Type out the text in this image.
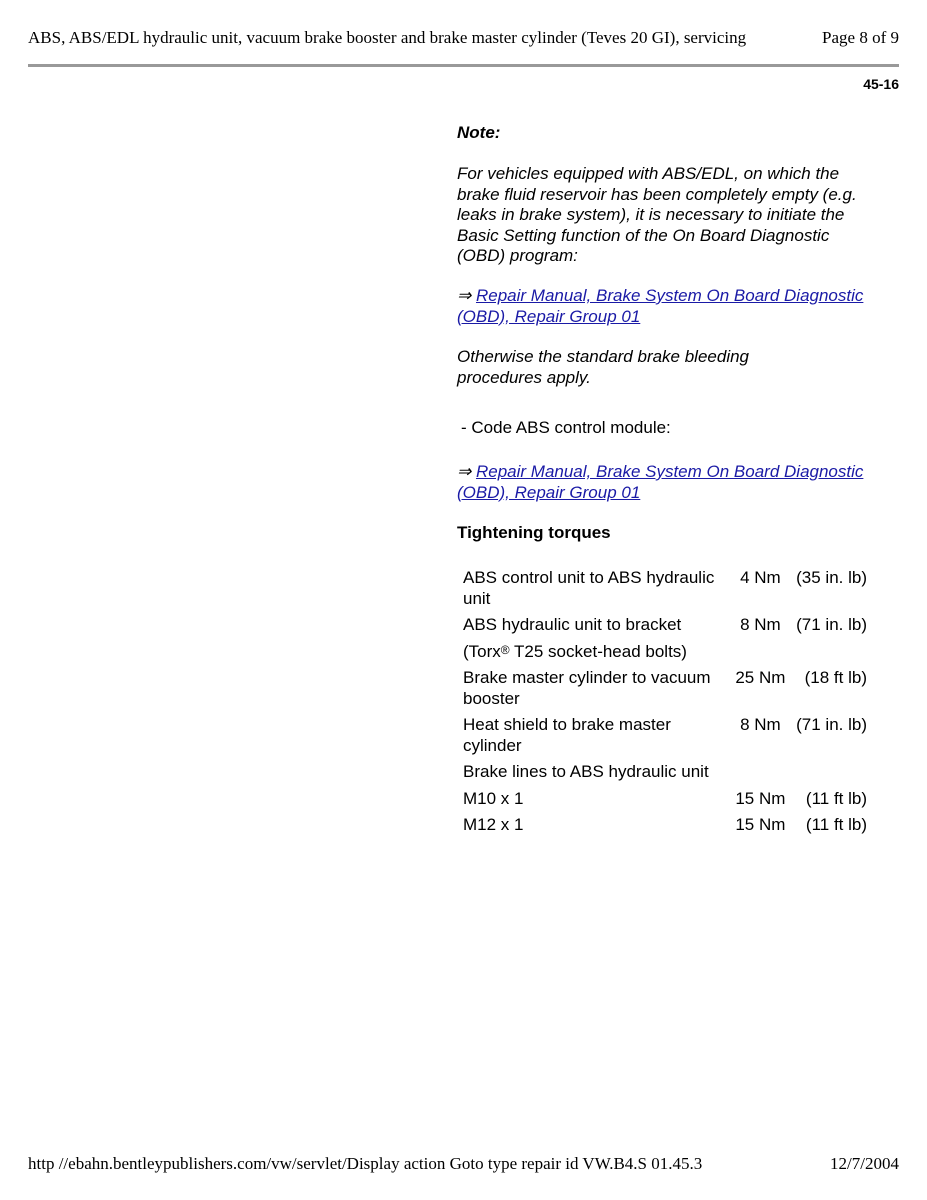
ABS, ABS/EDL hydraulic unit, vacuum brake booster and brake master cylinder (Teves 20 GI), servicing	Page 8 of 9
45-16
Note:
For vehicles equipped with ABS/EDL, on which the brake fluid reservoir has been completely empty (e.g. leaks in brake system), it is necessary to initiate the Basic Setting function of the On Board Diagnostic (OBD) program:
⇒ Repair Manual, Brake System On Board Diagnostic (OBD), Repair Group 01
Otherwise the standard brake bleeding procedures apply.
- Code ABS control module:
⇒ Repair Manual, Brake System On Board Diagnostic (OBD), Repair Group 01
Tightening torques
ABS control unit to ABS hydraulic unit	4 Nm	(35 in. lb)
ABS hydraulic unit to bracket	8 Nm	(71 in. lb)
(Torx® T25 socket-head bolts)		
Brake master cylinder to vacuum booster	25 Nm	(18 ft lb)
Heat shield to brake master cylinder	8 Nm	(71 in. lb)
Brake lines to ABS hydraulic unit		
M10 x 1	15 Nm	(11 ft lb)
M12 x 1	15 Nm	(11 ft lb)
http //ebahn.bentleypublishers.com/vw/servlet/Display action Goto type repair id VW.B4.S 01.45.3	12/7/2004
